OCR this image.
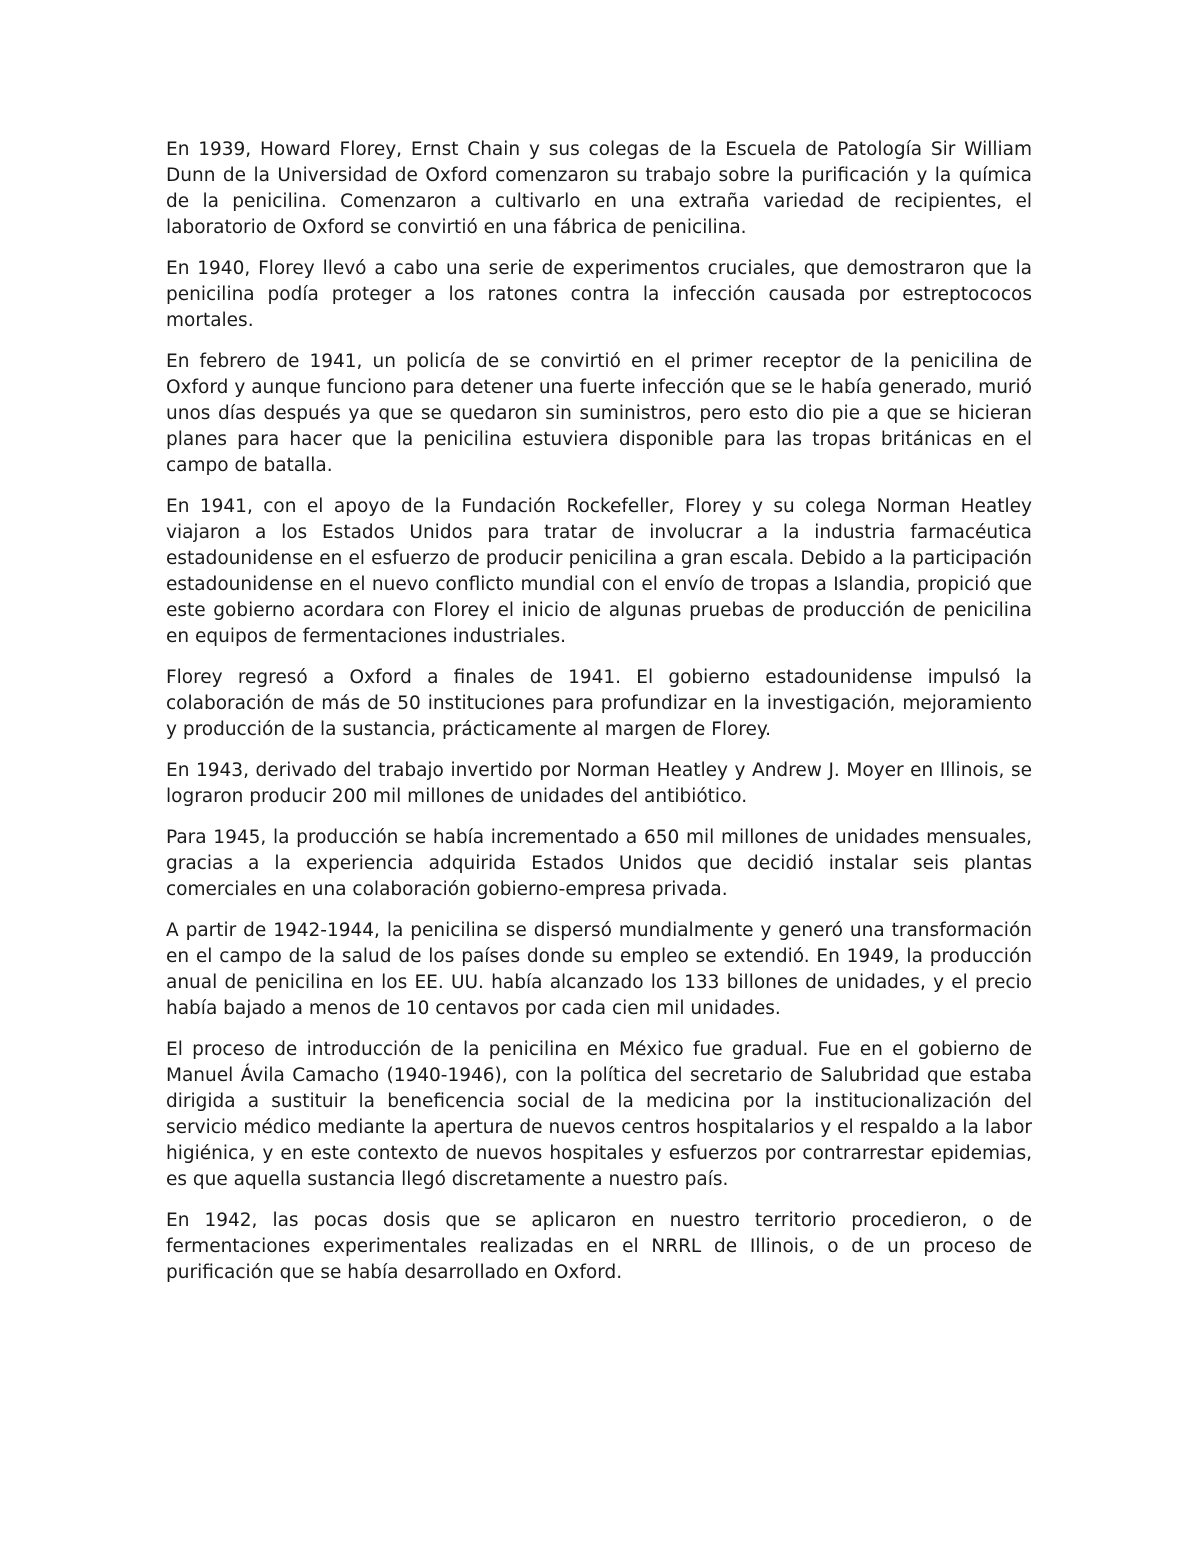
En 1939, Howard Florey, Ernst Chain y sus colegas de la Escuela de Patología Sir William Dunn de la Universidad de Oxford comenzaron su trabajo sobre la purificación y la química de la penicilina. Comenzaron a cultivarlo en una extraña variedad de recipientes, el laboratorio de Oxford se convirtió en una fábrica de penicilina.

En 1940, Florey llevó a cabo una serie de experimentos cruciales, que demostraron que la penicilina podía proteger a los ratones contra la infección causada por estreptococos mortales.

En febrero de 1941, un policía de se convirtió en el primer receptor de la penicilina de Oxford y aunque funciono para detener una fuerte infección que se le había generado, murió unos días después ya que se quedaron sin suministros, pero esto dio pie a que se hicieran planes para hacer que la penicilina estuviera disponible para las tropas británicas en el campo de batalla.

En 1941, con el apoyo de la Fundación Rockefeller, Florey y su colega Norman Heatley viajaron a los Estados Unidos para tratar de involucrar a la industria farmacéutica estadounidense en el esfuerzo de producir penicilina a gran escala. Debido a la participación estadounidense en el nuevo conflicto mundial con el envío de tropas a Islandia, propició que este gobierno acordara con Florey el inicio de algunas pruebas de producción de penicilina en equipos de fermentaciones industriales.

Florey regresó a Oxford a finales de 1941. El gobierno estadounidense impulsó la colaboración de más de 50 instituciones para profundizar en la investigación, mejoramiento y producción de la sustancia, prácticamente al margen de Florey.

En 1943, derivado del trabajo invertido por Norman Heatley y Andrew J. Moyer en Illinois, se lograron producir 200 mil millones de unidades del antibiótico.

Para 1945, la producción se había incrementado a 650 mil millones de unidades mensuales, gracias a la experiencia adquirida Estados Unidos que decidió instalar seis plantas comerciales en una colaboración gobierno-empresa privada.

A partir de 1942-1944, la penicilina se dispersó mundialmente y generó una transformación en el campo de la salud de los países donde su empleo se extendió. En 1949, la producción anual de penicilina en los EE. UU. había alcanzado los 133 billones de unidades, y el precio había bajado a menos de 10 centavos por cada cien mil unidades.

El proceso de introducción de la penicilina en México fue gradual. Fue en el gobierno de Manuel Ávila Camacho (1940-1946), con la política del secretario de Salubridad que estaba dirigida a sustituir la beneficencia social de la medicina por la institucionalización del servicio médico mediante la apertura de nuevos centros hospitalarios y el respaldo a la labor higiénica, y en este contexto de nuevos hospitales y esfuerzos por contrarrestar epidemias, es que aquella sustancia llegó discretamente a nuestro país.

En 1942, las pocas dosis que se aplicaron en nuestro territorio procedieron, o de fermentaciones experimentales realizadas en el NRRL de Illinois, o de un proceso de purificación que se había desarrollado en Oxford.
